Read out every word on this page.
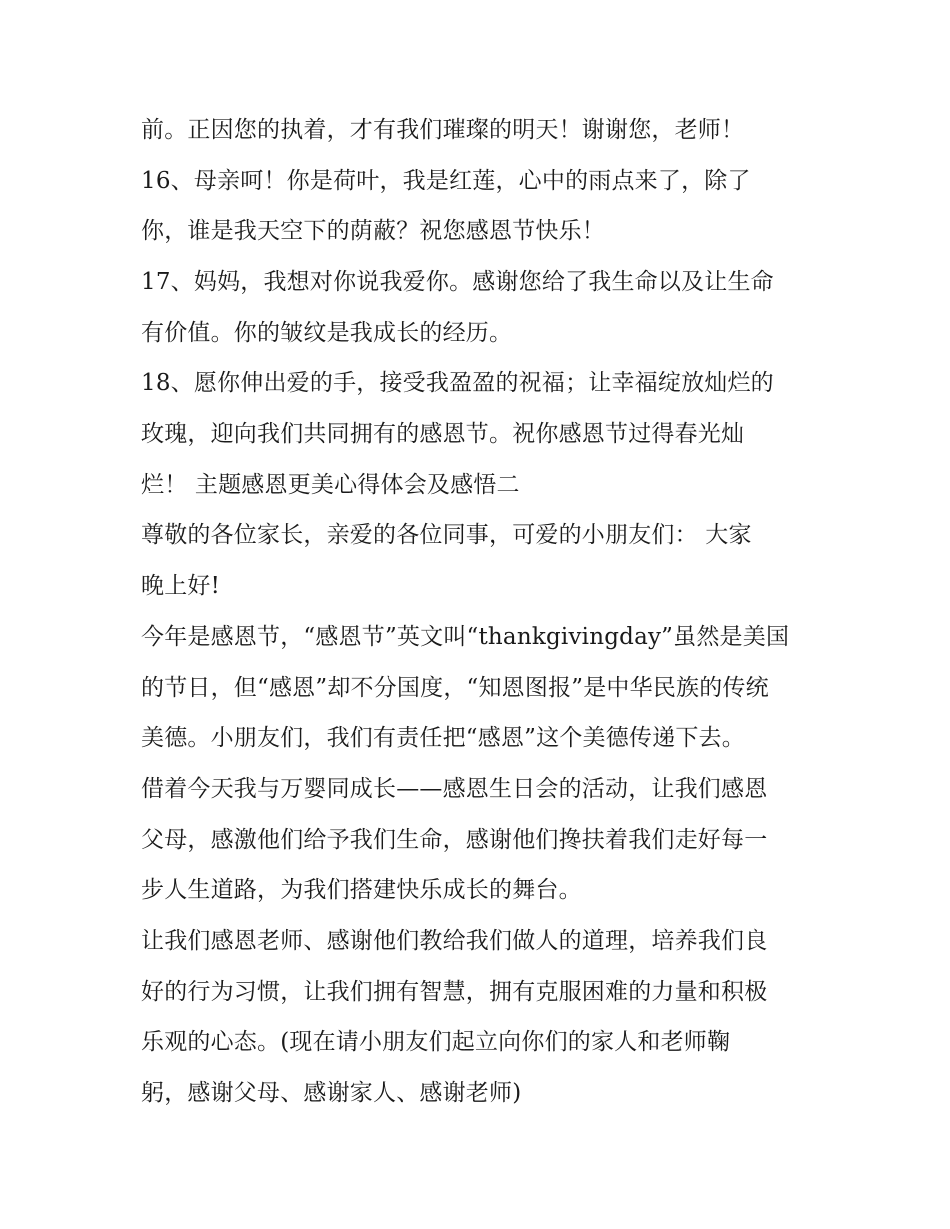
前。正因您的执着，才有我们璀璨的明天！谢谢您，老师！
16、母亲呵！你是荷叶，我是红莲，心中的雨点来了，除了
你，谁是我天空下的荫蔽？祝您感恩节快乐！
17、妈妈，我想对你说我爱你。感谢您给了我生命以及让生命
有价值。你的皱纹是我成长的经历。
18、愿你伸出爱的手，接受我盈盈的祝福；让幸福绽放灿烂的
玫瑰，迎向我们共同拥有的感恩节。祝你感恩节过得春光灿
烂！ 主题感恩更美心得体会及感悟二
尊敬的各位家长，亲爱的各位同事，可爱的小朋友们： 大家
晚上好!
今年是感恩节，“感恩节”英文叫“thankgivingday”虽然是美国
的节日，但“感恩”却不分国度，“知恩图报”是中华民族的传统
美德。小朋友们，我们有责任把“感恩”这个美德传递下去。
借着今天我与万婴同成长——感恩生日会的活动，让我们感恩
父母，感激他们给予我们生命，感谢他们搀扶着我们走好每一
步人生道路，为我们搭建快乐成长的舞台。
让我们感恩老师、感谢他们教给我们做人的道理，培养我们良
好的行为习惯，让我们拥有智慧，拥有克服困难的力量和积极
乐观的心态。(现在请小朋友们起立向你们的家人和老师鞠
躬，感谢父母、感谢家人、感谢老师)
